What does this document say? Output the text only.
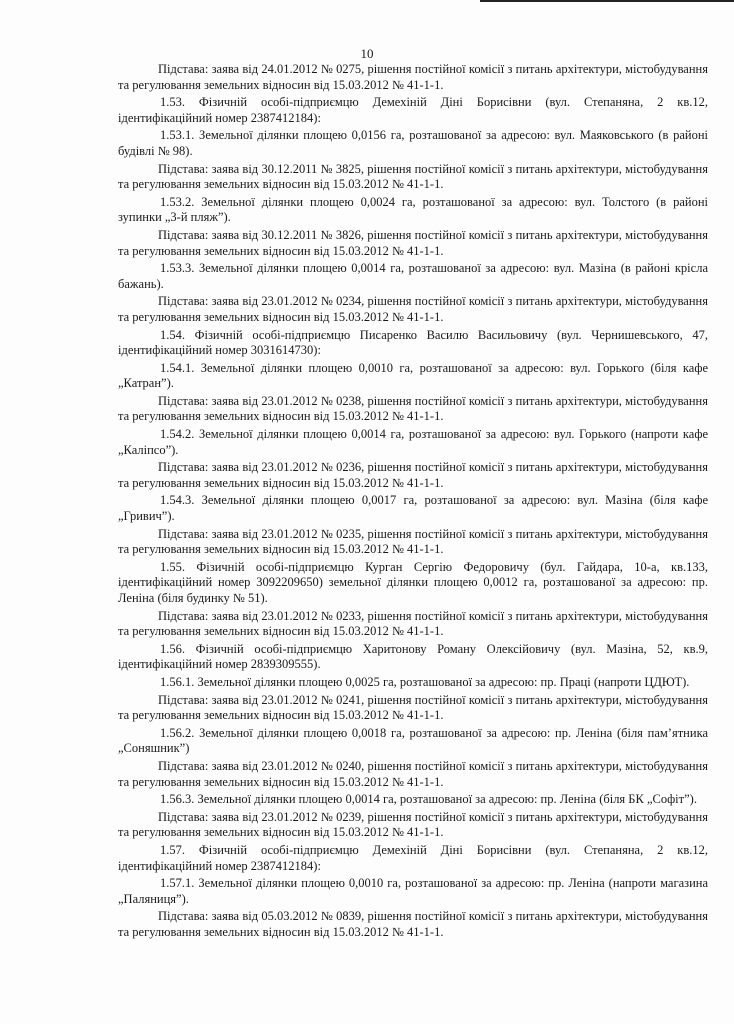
10

Підстава: заява від 24.01.2012 № 0275, рішення постійної комісії з питань архітектури, містобудування та регулювання земельних відносин від 15.03.2012 № 41-1-1.

1.53. Фізичній особі-підприємцю Демехіній Діні Борисівни (вул. Степаняна, 2 кв.12, ідентифікаційний номер 2387412184):

1.53.1. Земельної ділянки площею 0,0156 га, розташованої за адресою: вул. Маяковського (в районі будівлі № 98).

Підстава: заява від 30.12.2011 № 3825, рішення постійної комісії з питань архітектури, містобудування та регулювання земельних відносин від 15.03.2012 № 41-1-1.

1.53.2. Земельної ділянки площею 0,0024 га, розташованої за адресою: вул. Толстого (в районі зупинки „3-й пляж”).

Підстава: заява від 30.12.2011 № 3826, рішення постійної комісії з питань архітектури, містобудування та регулювання земельних відносин від 15.03.2012 № 41-1-1.

1.53.3. Земельної ділянки площею 0,0014 га, розташованої за адресою: вул. Мазіна (в районі крісла бажань).

Підстава: заява від 23.01.2012 № 0234, рішення постійної комісії з питань архітектури, містобудування та регулювання земельних відносин від 15.03.2012 № 41-1-1.

1.54. Фізичній особі-підприємцю Писаренко Василю Васильовичу (вул. Чернишевського, 47, ідентифікаційний номер 3031614730):

1.54.1. Земельної ділянки площею 0,0010 га, розташованої за адресою: вул. Горького (біля кафе „Катран”).

Підстава: заява від 23.01.2012 № 0238, рішення постійної комісії з питань архітектури, містобудування та регулювання земельних відносин від 15.03.2012 № 41-1-1.

1.54.2. Земельної ділянки площею 0,0014 га, розташованої за адресою: вул. Горького (напроти кафе „Каліпсо”).

Підстава: заява від 23.01.2012 № 0236, рішення постійної комісії з питань архітектури, містобудування та регулювання земельних відносин від 15.03.2012 № 41-1-1.

1.54.3. Земельної ділянки площею 0,0017 га, розташованої за адресою: вул. Мазіна (біля кафе „Гривич”).

Підстава: заява від 23.01.2012 № 0235, рішення постійної комісії з питань архітектури, містобудування та регулювання земельних відносин від 15.03.2012 № 41-1-1.

1.55. Фізичній особі-підприємцю Курган Сергію Федоровичу (бул. Гайдара, 10-а, кв.133, ідентифікаційний номер 3092209650) земельної ділянки площею 0,0012 га, розташованої за адресою: пр. Леніна (біля будинку № 51).

Підстава: заява від 23.01.2012 № 0233, рішення постійної комісії з питань архітектури, містобудування та регулювання земельних відносин від 15.03.2012 № 41-1-1.

1.56. Фізичній особі-підприємцю Харитонову Роману Олексійовичу (вул. Мазіна, 52, кв.9, ідентифікаційний номер 2839309555).

1.56.1. Земельної ділянки площею 0,0025 га, розташованої за адресою: пр. Праці (напроти ЦДЮТ).

Підстава: заява від 23.01.2012 № 0241, рішення постійної комісії з питань архітектури, містобудування та регулювання земельних відносин від 15.03.2012 № 41-1-1.

1.56.2. Земельної ділянки площею 0,0018 га, розташованої за адресою: пр. Леніна (біля пам’ятника „Соняшник”)

Підстава: заява від 23.01.2012 № 0240, рішення постійної комісії з питань архітектури, містобудування та регулювання земельних відносин від 15.03.2012 № 41-1-1.

1.56.3. Земельної ділянки площею 0,0014 га, розташованої за адресою: пр. Леніна (біля БК „Софіт”).

Підстава: заява від 23.01.2012 № 0239, рішення постійної комісії з питань архітектури, містобудування та регулювання земельних відносин від 15.03.2012 № 41-1-1.

1.57. Фізичній особі-підприємцю Демехіній Діні Борисівни (вул. Степаняна, 2 кв.12, ідентифікаційний номер 2387412184):

1.57.1. Земельної ділянки площею 0,0010 га, розташованої за адресою: пр. Леніна (напроти магазина „Паляниця”).

Підстава: заява від 05.03.2012 № 0839, рішення постійної комісії з питань архітектури, містобудування та регулювання земельних відносин від 15.03.2012 № 41-1-1.
